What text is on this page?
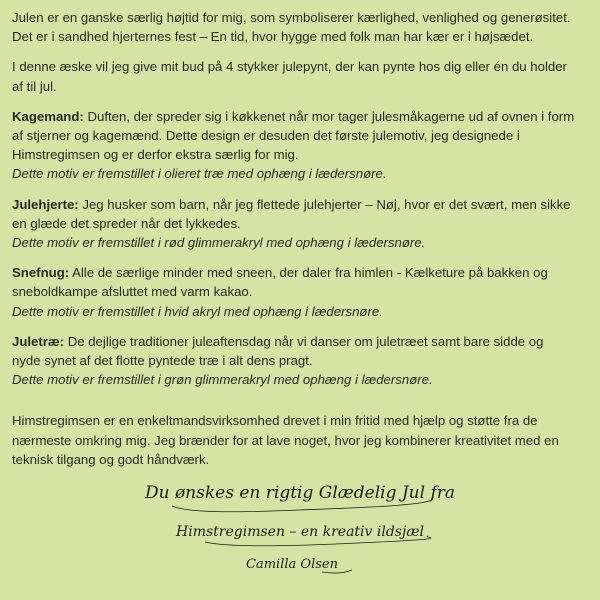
Julen er en ganske særlig højtid for mig, som symboliserer kærlighed, venlighed og generøsitet.

Det er i sandhed hjerternes fest – En tid, hvor hygge med folk man har kær er i højsædet.

I denne æske vil jeg give mit bud på 4 stykker julepynt, der kan pynte hos dig eller én du holder

af til jul.

Kagemand: Duften, der spreder sig i køkkenet når mor tager julesmåkagerne ud af ovnen i form

af stjerner og kagemænd. Dette design er desuden det første julemotiv, jeg designede i

Himstregimsen og er derfor ekstra særlig for mig.

Dette motiv er fremstillet i olieret træ med ophæng i lædersnøre.

Julehjerte: Jeg husker som barn, når jeg flettede julehjerter – Nøj, hvor er det svært, men sikke

en glæde det spreder når det lykkedes.

Dette motiv er fremstillet i rød glimmerakryl med ophæng i lædersnøre.

Snefnug: Alle de særlige minder med sneen, der daler fra himlen - Kælketure på bakken og

sneboldkampe afsluttet med varm kakao.

Dette motiv er fremstillet i hvid akryl med ophæng i lædersnøre.

Juletræ: De dejlige traditioner juleaftensdag når vi danser om juletræet samt bare sidde og

nyde synet af det flotte pyntede træ i alt dens pragt.

Dette motiv er fremstillet i grøn glimmerakryl med ophæng i lædersnøre.

Himstregimsen er en enkeltmandsvirksomhed drevet i min fritid med hjælp og støtte fra de

nærmeste omkring mig. Jeg brænder for at lave noget, hvor jeg kombinerer kreativitet med en

teknisk tilgang og godt håndværk.

Du ønskes en rigtig Glædelig Jul fra
Himstregimsen – en kreativ ildsjæl
Camilla Olsen
